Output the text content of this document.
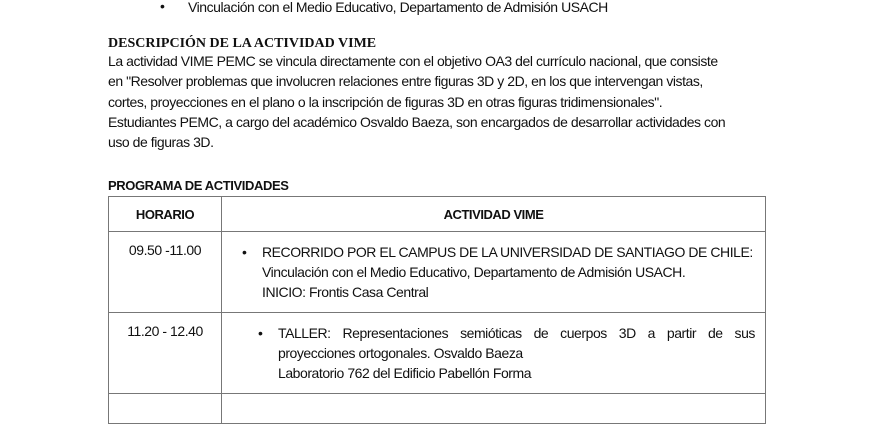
• Vinculación con el Medio Educativo, Departamento de Admisión USACH
DESCRIPCIÓN DE LA ACTIVIDAD VIME
La actividad VIME PEMC se vincula directamente con el objetivo OA3 del currículo nacional, que consiste
en "Resolver problemas que involucren relaciones entre figuras 3D y 2D, en los que intervengan vistas,
cortes, proyecciones en el plano o la inscripción de figuras 3D en otras figuras tridimensionales".
Estudiantes PEMC, a cargo del académico Osvaldo Baeza, son encargados de desarrollar actividades con
uso de figuras 3D.
PROGRAMA DE ACTIVIDADES
HORARIO	ACTIVIDAD VIME
09.50 -11.00	• RECORRIDO POR EL CAMPUS DE LA UNIVERSIDAD DE SANTIAGO DE CHILE:
Vinculación con el Medio Educativo, Departamento de Admisión USACH.
INICIO: Frontis Casa Central

11.20 - 12.40	• TALLER: Representaciones semióticas de cuerpos 3D a partir de sus
proyecciones ortogonales. Osvaldo Baeza
Laboratorio 762 del Edificio Pabellón Forma
